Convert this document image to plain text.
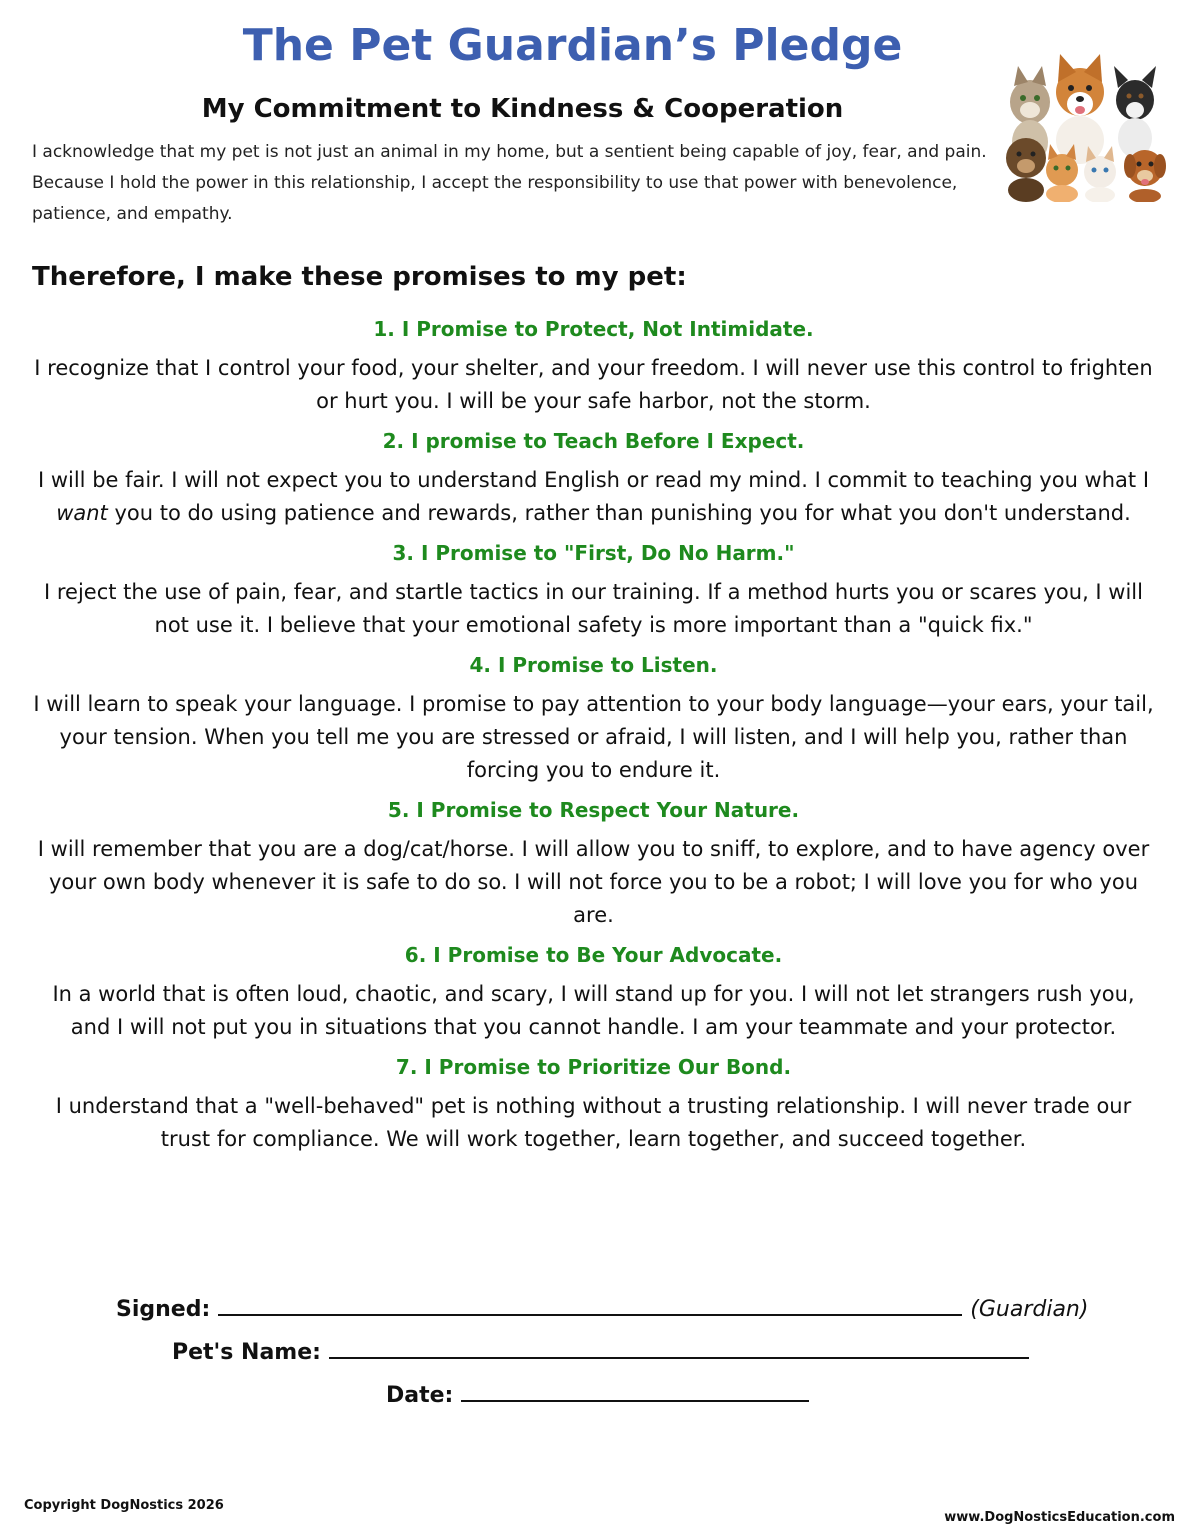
The Pet Guardian’s Pledge
My Commitment to Kindness & Cooperation
I acknowledge that my pet is not just an animal in my home, but a sentient being capable of joy, fear, and pain. Because I hold the power in this relationship, I accept the responsibility to use that power with benevolence, patience, and empathy.
Therefore, I make these promises to my pet:
1. I Promise to Protect, Not Intimidate.
I recognize that I control your food, your shelter, and your freedom. I will never use this control to frighten or hurt you. I will be your safe harbor, not the storm.
2. I promise to Teach Before I Expect.
I will be fair. I will not expect you to understand English or read my mind. I commit to teaching you what I want you to do using patience and rewards, rather than punishing you for what you don't understand.
3. I Promise to "First, Do No Harm."
I reject the use of pain, fear, and startle tactics in our training. If a method hurts you or scares you, I will not use it. I believe that your emotional safety is more important than a "quick fix."
4. I Promise to Listen.
I will learn to speak your language. I promise to pay attention to your body language—your ears, your tail, your tension. When you tell me you are stressed or afraid, I will listen, and I will help you, rather than forcing you to endure it.
5. I Promise to Respect Your Nature.
I will remember that you are a dog/cat/horse. I will allow you to sniff, to explore, and to have agency over your own body whenever it is safe to do so. I will not force you to be a robot; I will love you for who you are.
6. I Promise to Be Your Advocate.
In a world that is often loud, chaotic, and scary, I will stand up for you. I will not let strangers rush you, and I will not put you in situations that you cannot handle. I am your teammate and your protector.
7. I Promise to Prioritize Our Bond.
I understand that a "well-behaved" pet is nothing without a trusting relationship. I will never trade our trust for compliance. We will work together, learn together, and succeed together.
Signed:	(Guardian)
Pet's Name:
Date:
Copyright DogNostics 2026
www.DogNosticsEducation.com
